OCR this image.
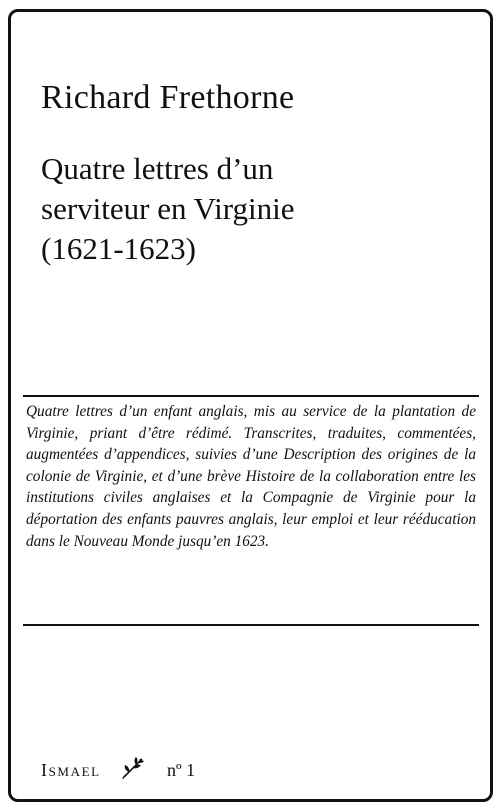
Richard Frethorne
Quatre lettres d’un
serviteur en Virginie
(1621-1623)
Quatre lettres d’un enfant anglais, mis au service de la plantation de Virginie, priant d’être rédimé. Transcrites, traduites, commentées, augmentées d’appendices, suivies d’une Description des origines de la colonie de Virginie, et d’une brève Histoire de la collaboration entre les institutions civiles anglaises et la Compagnie de Virginie pour la déportation des enfants pauvres anglais, leur emploi et leur rééducation dans le Nouveau Monde jusqu’en 1623.
Ismael	nº 1
